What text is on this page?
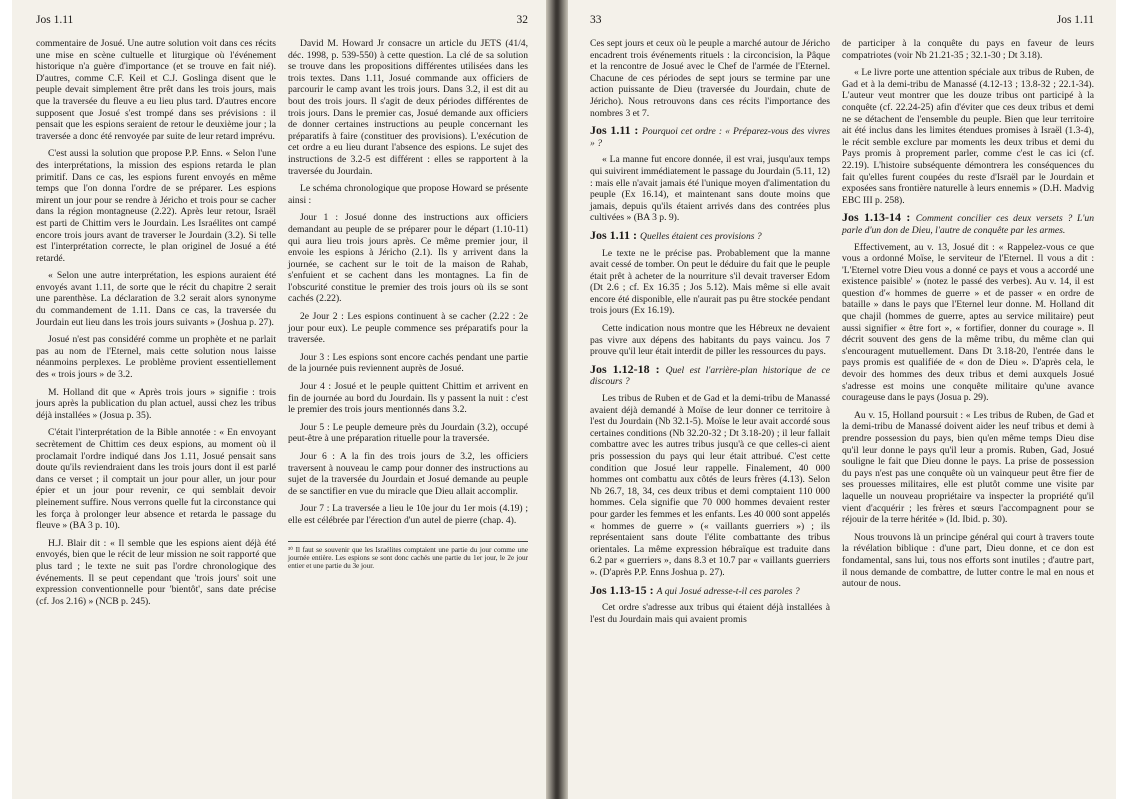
Jos 1.11	32

commentaire de Josué. Une autre solution voit dans ces récits une mise en scène cultuelle et liturgique où l'événement historique n'a guère d'importance (et se trouve en fait nié). D'autres, comme C.F. Keil et C.J. Goslinga disent que le peuple devait simplement être prêt dans les trois jours, mais que la traversée du fleuve a eu lieu plus tard. D'autres encore supposent que Josué s'est trompé dans ses prévisions : il pensait que les espions seraient de retour le deuxième jour ; la traversée a donc été renvoyée par suite de leur retard imprévu.

C'est aussi la solution que propose P.P. Enns. « Selon l'une des interprétations, la mission des espions retarda le plan primitif. Dans ce cas, les espions furent envoyés en même temps que l'on donna l'ordre de se préparer. Les espions mirent un jour pour se rendre à Jéricho et trois pour se cacher dans la région montagneuse (2.22). Après leur retour, Israël est parti de Chittim vers le Jourdain. Les Israélites ont campé encore trois jours avant de traverser le Jourdain (3.2). Si telle est l'interprétation correcte, le plan originel de Josué a été retardé.

« Selon une autre interprétation, les espions auraient été envoyés avant 1.11, de sorte que le récit du chapitre 2 serait une parenthèse. La déclaration de 3.2 serait alors synonyme du commandement de 1.11. Dans ce cas, la traversée du Jourdain eut lieu dans les trois jours suivants » (Joshua p. 27).

Josué n'est pas considéré comme un prophète et ne parlait pas au nom de l'Eternel, mais cette solution nous laisse néanmoins perplexes. Le problème provient essentiellement des « trois jours » de 3.2.

M. Holland dit que « Après trois jours » signifie : trois jours après la publication du plan actuel, aussi chez les tribus déjà installées » (Josua p. 35).

C'était l'interprétation de la Bible annotée : « En envoyant secrètement de Chittim ces deux espions, au moment où il proclamait l'ordre indiqué dans Jos 1.11, Josué pensait sans doute qu'ils reviendraient dans les trois jours dont il est parlé dans ce verset ; il comptait un jour pour aller, un jour pour épier et un jour pour revenir, ce qui semblait devoir pleinement suffire. Nous verrons quelle fut la circonstance qui les força à prolonger leur absence et retarda le passage du fleuve » (BA 3 p. 10).

H.J. Blair dit : « Il semble que les espions aient déjà été envoyés, bien que le récit de leur mission ne soit rapporté que plus tard ; le texte ne suit pas l'ordre chronologique des événements. Il se peut cependant que 'trois jours' soit une expression conventionnelle pour 'bientôt', sans date précise (cf. Jos 2.16) » (NCB p. 245).

David M. Howard Jr consacre un article du JETS (41/4, déc. 1998, p. 539-550) à cette question. La clé de sa solution se trouve dans les propositions différentes utilisées dans les trois textes. Dans 1.11, Josué commande aux officiers de parcourir le camp avant les trois jours. Dans 3.2, il est dit au bout des trois jours. Il s'agit de deux périodes différentes de trois jours. Dans le premier cas, Josué demande aux officiers de donner certaines instructions au peuple concernant les préparatifs à faire (constituer des provisions). L'exécution de cet ordre a eu lieu durant l'absence des espions. Le sujet des instructions de 3.2-5 est différent : elles se rapportent à la traversée du Jourdain.

Le schéma chronologique que propose Howard se présente ainsi :

Jour 1 : Josué donne des instructions aux officiers demandant au peuple de se préparer pour le départ (1.10-11) qui aura lieu trois jours après. Ce même premier jour, il envoie les espions à Jéricho (2.1). Ils y arrivent dans la journée, se cachent sur le toit de la maison de Rahab, s'enfuient et se cachent dans les montagnes. La fin de l'obscurité constitue le premier des trois jours où ils se sont cachés (2.22).

2e Jour 2 : Les espions continuent à se cacher (2.22 : 2e jour pour eux). Le peuple commence ses préparatifs pour la traversée.

Jour 3 : Les espions sont encore cachés pendant une partie de la journée puis reviennent auprès de Josué.

Jour 4 : Josué et le peuple quittent Chittim et arrivent en fin de journée au bord du Jourdain. Ils y passent la nuit : c'est le premier des trois jours mentionnés dans 3.2.

Jour 5 : Le peuple demeure près du Jourdain (3.2), occupé peut-être à une préparation rituelle pour la traversée.

Jour 6 : A la fin des trois jours de 3.2, les officiers traversent à nouveau le camp pour donner des instructions au sujet de la traversée du Jourdain et Josué demande au peuple de se sanctifier en vue du miracle que Dieu allait accomplir.

Jour 7 : La traversée a lieu le 10e jour du 1er mois (4.19) ; elle est célébrée par l'érection d'un autel de pierre (chap. 4).

³⁰ Il faut se souvenir que les Israélites comptaient une partie du jour comme une journée entière. Les espions se sont donc cachés une partie du 1er jour, le 2e jour entier et une partie du 3e jour.
33	Jos 1.11

Ces sept jours et ceux où le peuple a marché autour de Jéricho encadrent trois événements rituels : la circoncision, la Pâque et la rencontre de Josué avec le Chef de l'armée de l'Eternel. Chacune de ces périodes de sept jours se termine par une action puissante de Dieu (traversée du Jourdain, chute de Jéricho). Nous retrouvons dans ces récits l'importance des nombres 3 et 7.

Jos 1.11 : Pourquoi cet ordre : « Préparez-vous des vivres » ?

« La manne fut encore donnée, il est vrai, jusqu'aux temps qui suivirent immédiatement le passage du Jourdain (5.11, 12) : mais elle n'avait jamais été l'unique moyen d'alimentation du peuple (Ex 16.14), et maintenant sans doute moins que jamais, depuis qu'ils étaient arrivés dans des contrées plus cultivées » (BA 3 p. 9).

Jos 1.11 : Quelles étaient ces provisions ?

Le texte ne le précise pas. Probablement que la manne avait cessé de tomber. On peut le déduire du fait que le peuple était prêt à acheter de la nourriture s'il devait traverser Edom (Dt 2.6 ; cf. Ex 16.35 ; Jos 5.12). Mais même si elle avait encore été disponible, elle n'aurait pas pu être stockée pendant trois jours (Ex 16.19).

Cette indication nous montre que les Hébreux ne devaient pas vivre aux dépens des habitants du pays vaincu. Jos 7 prouve qu'il leur était interdit de piller les ressources du pays.

Jos 1.12-18 : Quel est l'arrière-plan historique de ce discours ?

Les tribus de Ruben et de Gad et la demi-tribu de Manassé avaient déjà demandé à Moïse de leur donner ce territoire à l'est du Jourdain (Nb 32.1-5). Moïse le leur avait accordé sous certaines conditions (Nb 32.20-32 ; Dt 3.18-20) ; il leur fallait combattre avec les autres tribus jusqu'à ce que celles-ci aient pris possession du pays qui leur était attribué. C'est cette condition que Josué leur rappelle. Finalement, 40 000 hommes ont combattu aux côtés de leurs frères (4.13). Selon Nb 26.7, 18, 34, ces deux tribus et demi comptaient 110 000 hommes. Cela signifie que 70 000 hommes devaient rester pour garder les femmes et les enfants. Les 40 000 sont appelés « hommes de guerre » (« vaillants guerriers ») ; ils représentaient sans doute l'élite combattante des tribus orientales. La même expression hébraïque est traduite dans 6.2 par « guerriers », dans 8.3 et 10.7 par « vaillants guerriers ». (D'après P.P. Enns Joshua p. 27).

Jos 1.13-15 : A qui Josué adresse-t-il ces paroles ?

Cet ordre s'adresse aux tribus qui étaient déjà installées à l'est du Jourdain mais qui avaient promis

de participer à la conquête du pays en faveur de leurs compatriotes (voir Nb 21.21-35 ; 32.1-30 ; Dt 3.18).

« Le livre porte une attention spéciale aux tribus de Ruben, de Gad et à la demi-tribu de Manassé (4.12-13 ; 13.8-32 ; 22.1-34). L'auteur veut montrer que les douze tribus ont participé à la conquête (cf. 22.24-25) afin d'éviter que ces deux tribus et demi ne se détachent de l'ensemble du peuple. Bien que leur territoire ait été inclus dans les limites étendues promises à Israël (1.3-4), le récit semble exclure par moments les deux tribus et demi du Pays promis à proprement parler, comme c'est le cas ici (cf. 22.19). L'histoire subséquente démontrera les conséquences du fait qu'elles furent coupées du reste d'Israël par le Jourdain et exposées sans frontière naturelle à leurs ennemis » (D.H. Madvig EBC III p. 258).

Jos 1.13-14 : Comment concilier ces deux versets ? L'un parle d'un don de Dieu, l'autre de conquête par les armes.

Effectivement, au v. 13, Josué dit : « Rappelez-vous ce que vous a ordonné Moïse, le serviteur de l'Eternel. Il vous a dit : 'L'Eternel votre Dieu vous a donné ce pays et vous a accordé une existence paisible' » (notez le passé des verbes). Au v. 14, il est question d'« hommes de guerre » et de passer « en ordre de bataille » dans le pays que l'Eternel leur donne. M. Holland dit que chajil (hommes de guerre, aptes au service militaire) peut aussi signifier « être fort », « fortifier, donner du courage ». Il décrit souvent des gens de la même tribu, du même clan qui s'encouragent mutuellement. Dans Dt 3.18-20, l'entrée dans le pays promis est qualifiée de « don de Dieu ». D'après cela, le devoir des hommes des deux tribus et demi auxquels Josué s'adresse est moins une conquête militaire qu'une avance courageuse dans le pays (Josua p. 29).

Au v. 15, Holland poursuit : « Les tribus de Ruben, de Gad et la demi-tribu de Manassé doivent aider les neuf tribus et demi à prendre possession du pays, bien qu'en même temps Dieu dise qu'il leur donne le pays qu'il leur a promis. Ruben, Gad, Josué souligne le fait que Dieu donne le pays. La prise de possession du pays n'est pas une conquête où un vainqueur peut être fier de ses prouesses militaires, elle est plutôt comme une visite par laquelle un nouveau propriétaire va inspecter la propriété qu'il vient d'acquérir ; les frères et sœurs l'accompagnent pour se réjouir de la terre héritée » (Id. Ibid. p. 30).

Nous trouvons là un principe général qui court à travers toute la révélation biblique : d'une part, Dieu donne, et ce don est fondamental, sans lui, tous nos efforts sont inutiles ; d'autre part, il nous demande de combattre, de lutter contre le mal en nous et autour de nous.
